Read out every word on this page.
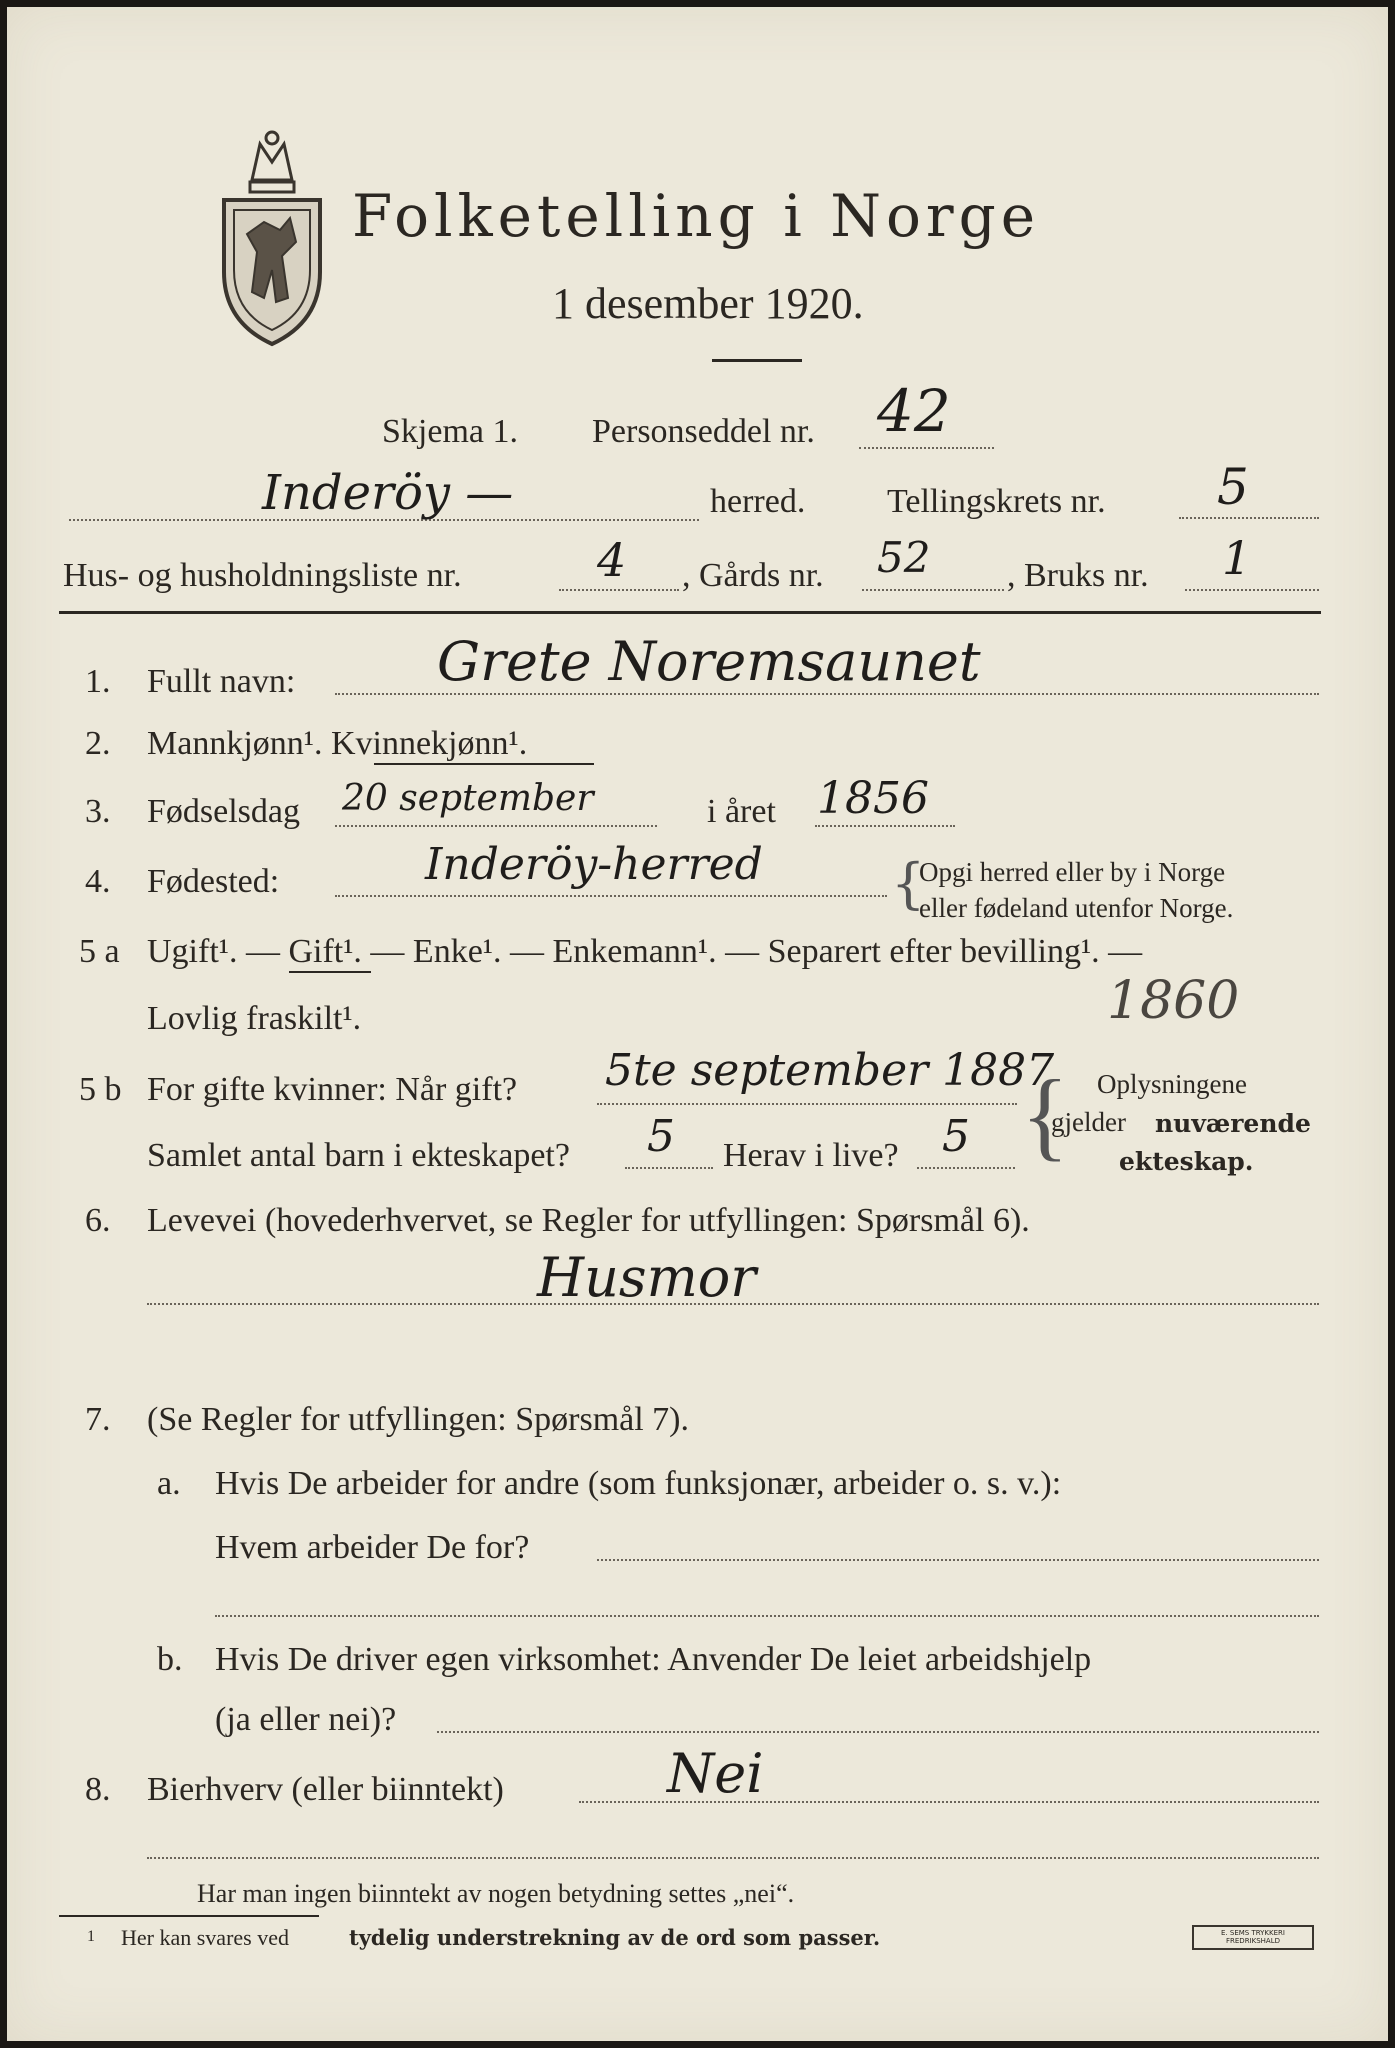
Folketelling i Norge
1 desember 1920.
Skjema 1. Personseddel nr. 42
Inderöy —	herred. Tellingskrets nr. 5
Hus- og husholdningsliste nr.	4 , Gårds nr. 52 , Bruks nr. 1
1. Fullt navn:	Grete Noremsaunet
2. Mannkjønn¹. Kvinnekjønn¹.
3. Fødselsdag 20 september	i året 1856
4. Fødested:	Inderöy-herred {
Opgi herred eller by i Norge
eller fødeland utenfor Norge.
5 a Ugift¹. — Gift¹. — Enke¹. — Enkemann¹. — Separert efter bevilling¹. —
Lovlig fraskilt¹.	1860
5 b For gifte kvinner: Når gift? 5te september 1887
Samlet antal barn i ekteskapet? 5 Herav i live? 5 { Oplysningene
gjelder nuværende
ekteskap.
6. Levevei (hovederhvervet, se Regler for utfyllingen: Spørsmål 6).
Husmor
7. (Se Regler for utfyllingen: Spørsmål 7).
a. Hvis De arbeider for andre (som funksjonær, arbeider o. s. v.):
Hvem arbeider De for?
b. Hvis De driver egen virksomhet: Anvender De leiet arbeidshjelp
(ja eller nei)?
8. Bierhverv (eller biinntekt)	Nei
Har man ingen biinntekt av nogen betydning settes „nei“.
1 Her kan svares ved	tydelig understrekning av de ord som passer.	E. SEMS TRYKKERI FREDRIKSHALD
